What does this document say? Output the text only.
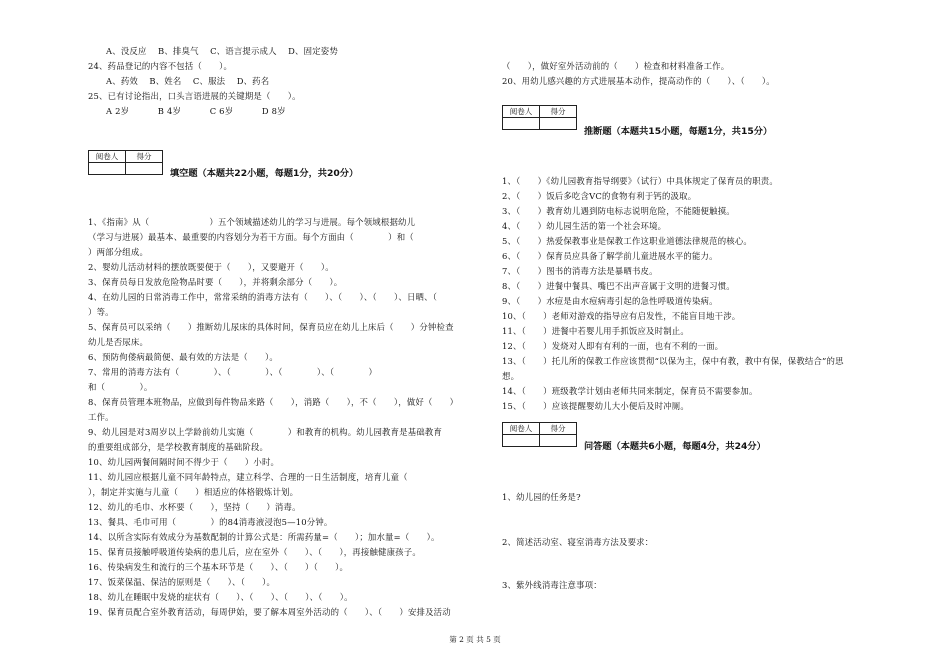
A、没反应　 B、排臭气　 C、语言提示成人　 D、固定姿势
24、药品登记的内容不包括（　　）。
A、药效　 B、姓名　 C、服法　 D、药名
25、已有讨论指出，口头言语进展的关键期是（　　）。
A 2岁　　　 B 4岁　　　 C 6岁　　　 D 8岁
阅卷人	得分

填空题（本题共22小题，每题1分，共20分）
1、《指南》从（　　　　　　　）五个领域描述幼儿的学习与进展。每个领域根据幼儿
（学习与进展）最基本、最重要的内容划分为若干方面。每个方面由（　　　　）和（
）两部分组成。
2、婴幼儿活动材料的摆放既要便于（　　），又要避开（　　）。
3、保育员每日发放危险物品时要（　　），并将剩余部分（　　）。
4、在幼儿园的日常消毒工作中，常常采纳的消毒方法有（　　）、（　　）、（　　）、日晒、（
）等。
5、保育员可以采纳（　　）推断幼儿尿床的具体时间，保育员应在幼儿上床后（　　）分钟检查
幼儿是否尿床。
6、预防佝偻病最简便、最有效的方法是（　　）。
7、常用的消毒方法有（　　　　）、（　　　　）、（　　　　）、（　　　　）
和（　　　　）。
8、保育员管理本班物品，应做到每件物品来路（　　），消路（　　），不（　　），做好（　　）
工作。
9、幼儿园是对3周岁以上学龄前幼儿实施（　　　　）和教育的机构。幼儿园教育是基础教育
的重要组成部分，是学校教育制度的基础阶段。
10、幼儿园两餐间隔时间不得少于（　　）小时。
11、幼儿园应根据儿童不同年龄特点，建立科学、合理的一日生活制度，培育儿童（
），制定并实施与儿童（　　）相适应的体格锻炼计划。
12、幼儿的毛巾、水杯要（　　），坚持（　　）消毒。
13、餐具、毛巾可用（　　　　）的84消毒液浸泡5—10分钟。
14、以所含实际有效成分为基数配制的计算公式是：所需药量=（　　）；加水量=（　　）。
15、保育员接触呼吸道传染病的患儿后，应在室外（　　）、（　　），再接触健康孩子。
16、传染病发生和流行的三个基本环节是（　　）、（　　）（　　）。
17、饭菜保温、保洁的原则是（　　）、（　　）。
18、幼儿在睡眠中发烧的症状有（　　）、（　　）、（　　）、（　　）。
19、保育员配合室外教育活动，每周伊始，要了解本周室外活动的（　　）、（　　）安排及活动
（　　），做好室外活动前的（　　）检查和材料准备工作。
20、用幼儿感兴趣的方式进展基本动作，提高动作的（　　）、（　　）。
阅卷人	得分

推断题（本题共15小题，每题1分，共15分）
1、（　　）《幼儿园教育指导纲要》（试行）中具体规定了保育员的职责。
2、（　　）饭后多吃含VC的食物有利于钙的汲取。
3、（　　）教育幼儿遇到防电标志说明危险，不能随便触摸。
4、（　　）幼儿园生活的第一个社会环境。
5、（　　）热爱保教事业是保教工作这职业道德法律规范的核心。
6、（　　）保育员应具备了解学前儿童进展水平的能力。
7、（　　）图书的消毒方法是暴晒书皮。
8、（　　）进餐中餐具、嘴巴不出声音属于文明的进餐习惯。
9、（　　）水痘是由水痘病毒引起的急性呼吸道传染病。
10、（　　）老师对游戏的指导应有启发性，不能盲目地干涉。
11、（　　）进餐中若婴儿用手抓饭应及时制止。
12、（　　）发烧对人即有有利的一面，也有不利的一面。
13、（　　）托儿所的保教工作应该贯彻“以保为主，保中有教，教中有保，保教结合”的思
想。
14、（　　）班级教学计划由老师共同来制定，保育员不需要参加。
15、（　　）应该提醒婴幼儿大小便后及时冲厕。
阅卷人	得分

问答题（本题共6小题，每题4分，共24分）
1、幼儿园的任务是?
2、简述活动室、寝室消毒方法及要求：
3、紫外线消毒注意事项：
第 2 页 共 5 页
